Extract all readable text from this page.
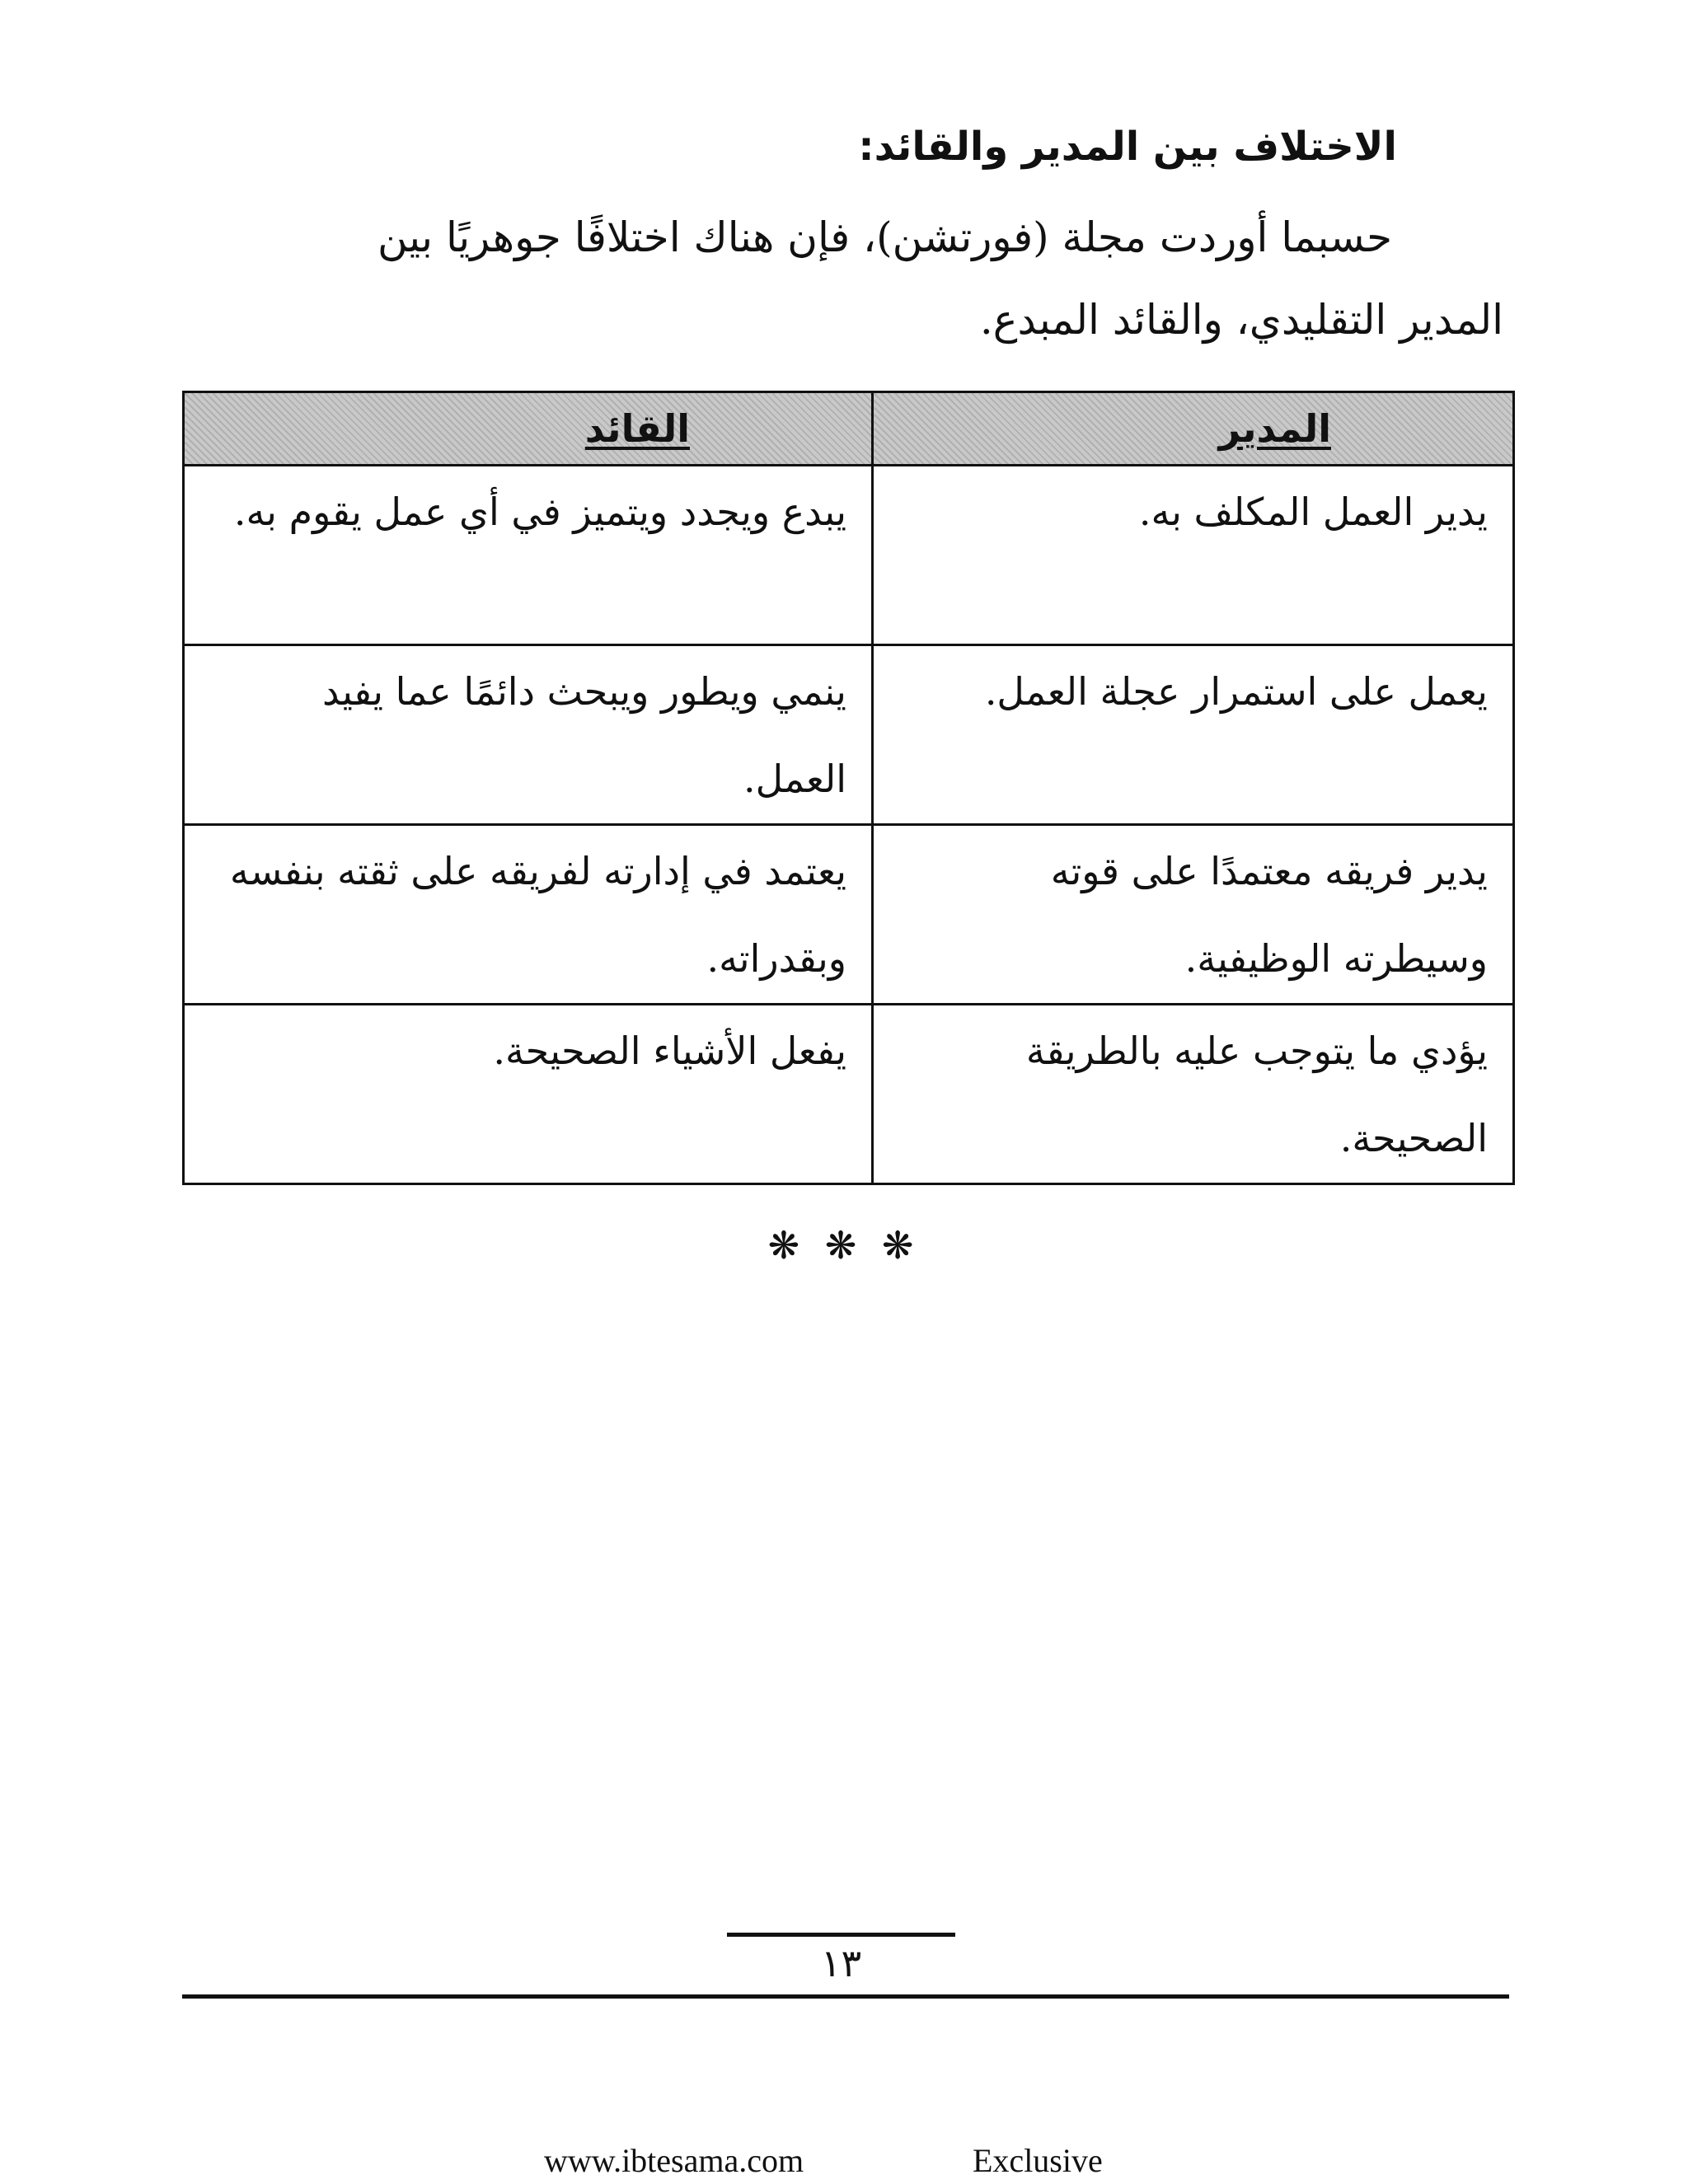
الاختلاف بين المدير والقائد:
حسبما أوردت مجلة (فورتشن)، فإن هناك اختلافًا جوهريًا بين
المدير التقليدي، والقائد المبدع.
المدير	القائد
يدير العمل المكلف به.	يبدع ويجدد ويتميز في أي عمل يقوم به.
يعمل على استمرار عجلة العمل.	ينمي ويطور ويبحث دائمًا عما يفيد العمل.
يدير فريقه معتمدًا على قوته وسيطرته الوظيفية.	يعتمد في إدارته لفريقه على ثقته بنفسه وبقدراته.
يؤدي ما يتوجب عليه بالطريقة الصحيحة.	يفعل الأشياء الصحيحة.
❋ ❋ ❋
١٣
www.ibtesama.com	Exclusive
